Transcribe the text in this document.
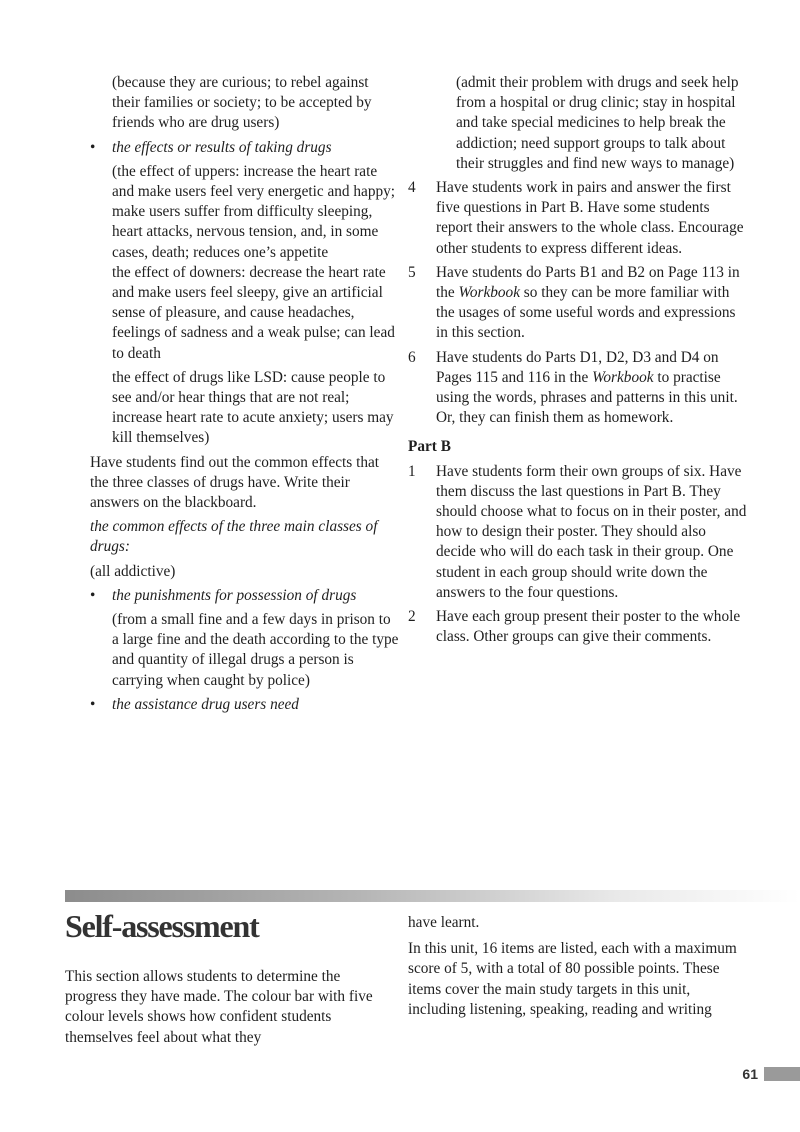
(because they are curious; to rebel against their families or society; to be accepted by friends who are drug users)

• the effects or results of taking drugs

(the effect of uppers: increase the heart rate and make users feel very energetic and happy; make users suffer from difficulty sleeping, heart attacks, nervous tension, and, in some cases, death; reduces one’s appetite

the effect of downers: decrease the heart rate and make users feel sleepy, give an artificial sense of pleasure, and cause headaches, feelings of sadness and a weak pulse; can lead to death

the effect of drugs like LSD: cause people to see and/or hear things that are not real; increase heart rate to acute anxiety; users may kill themselves)

Have students find out the common effects that the three classes of drugs have. Write their answers on the blackboard.

the common effects of the three main classes of drugs:

(all addictive)

• the punishments for possession of drugs

(from a small fine and a few days in prison to a large fine and the death according to the type and quantity of illegal drugs a person is carrying when caught by police)

• the assistance drug users need

(admit their problem with drugs and seek help from a hospital or drug clinic; stay in hospital and take special medicines to help break the addiction; need support groups to talk about their struggles and find new ways to manage)

4 Have students work in pairs and answer the first five questions in Part B. Have some students report their answers to the whole class. Encourage other students to express different ideas.
5 Have students do Parts B1 and B2 on Page 113 in the Workbook so they can be more familiar with the usages of some useful words and expressions in this section.
6 Have students do Parts D1, D2, D3 and D4 on Pages 115 and 116 in the Workbook to practise using the words, phrases and patterns in this unit. Or, they can finish them as homework.

Part B

1 Have students form their own groups of six. Have them discuss the last questions in Part B. They should choose what to focus on in their poster, and how to design their poster. They should also decide who will do each task in their group. One student in each group should write down the answers to the four questions.
2 Have each group present their poster to the whole class. Other groups can give their comments.
Self-assessment

This section allows students to determine the progress they have made. The colour bar with five colour levels shows how confident students themselves feel about what they

have learnt.

In this unit, 16 items are listed, each with a maximum score of 5, with a total of 80 possible points. These items cover the main study targets in this unit, including listening, speaking, reading and writing

61
